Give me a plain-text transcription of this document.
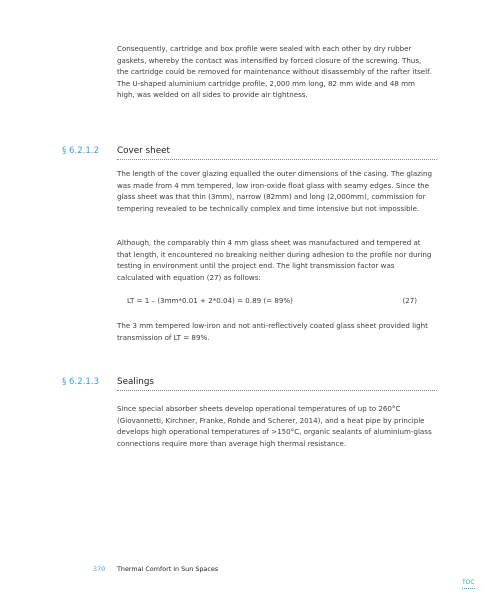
Consequently, cartridge and box profile were sealed with each other by dry rubber gaskets, whereby the contact was intensified by forced closure of the screwing. Thus, the cartridge could be removed for maintenance without disassembly of the rafter itself. The U-shaped aluminium cartridge profile, 2,000 mm long, 82 mm wide and 48 mm high, was welded on all sides to provide air tightness.

§ 6.2.1.2 Cover sheet

The length of the cover glazing equalled the outer dimensions of the casing. The glazing was made from 4 mm tempered, low iron-oxide float glass with seamy edges. Since the glass sheet was that thin (3mm), narrow (82mm) and long (2,000mm), commission for tempering revealed to be technically complex and time intensive but not impossible.

Although, the comparably thin 4 mm glass sheet was manufactured and tempered at that length, it encountered no breaking neither during adhesion to the profile nor during testing in environment until the project end. The light transmission factor was calculated with equation (27) as follows:

LT = 1 – (3mm*0.01 + 2*0.04) = 0.89 (= 89%)	(27)

The 3 mm tempered low-iron and not anti-reflectively coated glass sheet provided light transmission of LT = 89%.

§ 6.2.1.3 Sealings

Since special absorber sheets develop operational temperatures of up to 260°C (Giovannetti, Kirchner, Franke, Rohde and Scherer, 2014), and a heat pipe by principle develops high operational temperatures of >150°C, organic sealants of aluminium-glass connections require more than average high thermal resistance.

370 Thermal Comfort in Sun Spaces
TOC
